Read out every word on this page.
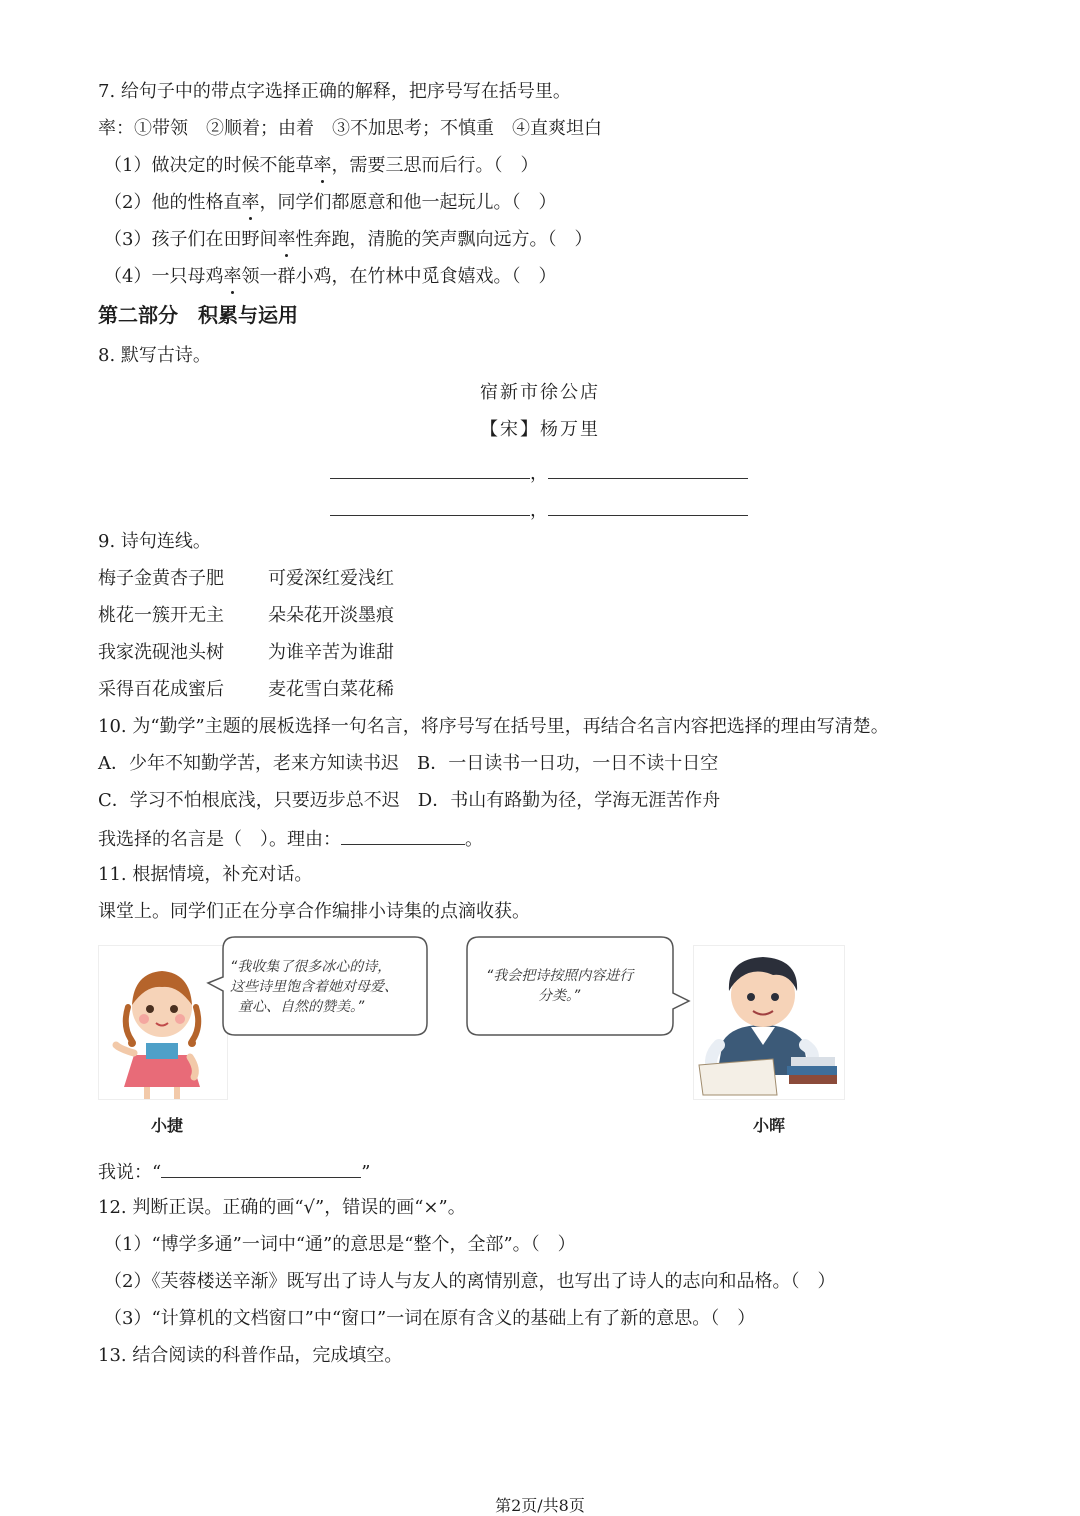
7. 给句子中的带点字选择正确的解释，把序号写在括号里。
率：①带领　②顺着；由着　③不加思考；不慎重　④直爽坦白
（1）做决定的时候不能草率，需要三思而后行。（　）
（2）他的性格直率，同学们都愿意和他一起玩儿。（　）
（3）孩子们在田野间率性奔跑，清脆的笑声飘向远方。（　）
（4）一只母鸡率领一群小鸡，在竹林中觅食嬉戏。（　）
第二部分　积累与运用
8. 默写古诗。
宿新市徐公店
【宋】杨万里
，
，
9. 诗句连线。
梅子金黄杏子肥 可爱深红爱浅红
桃花一簇开无主 朵朵花开淡墨痕
我家洗砚池头树 为谁辛苦为谁甜
采得百花成蜜后 麦花雪白菜花稀
10. 为“勤学”主题的展板选择一句名言，将序号写在括号里，再结合名言内容把选择的理由写清楚。
A．少年不知勤学苦，老来方知读书迟　B．一日读书一日功，一日不读十日空
C．学习不怕根底浅，只要迈步总不迟　D．书山有路勤为径，学海无涯苦作舟
我选择的名言是（　）。理由：	。
11. 根据情境，补充对话。
课堂上。同学们正在分享合作编排小诗集的点滴收获。
“我收集了很多冰心的诗，
这些诗里饱含着她对母爱、
童心、自然的赞美。”
“我会把诗按照内容进行
分类。”
小捷	小晖
我说：“	”
12. 判断正误。正确的画“√”，错误的画“×”。
（1）“博学多通”一词中“通”的意思是“整个，全部”。（　）
（2）《芙蓉楼送辛渐》既写出了诗人与友人的离情别意，也写出了诗人的志向和品格。（　）
（3）“计算机的文档窗口”中“窗口”一词在原有含义的基础上有了新的意思。（　）
13. 结合阅读的科普作品，完成填空。
第2页/共8页
